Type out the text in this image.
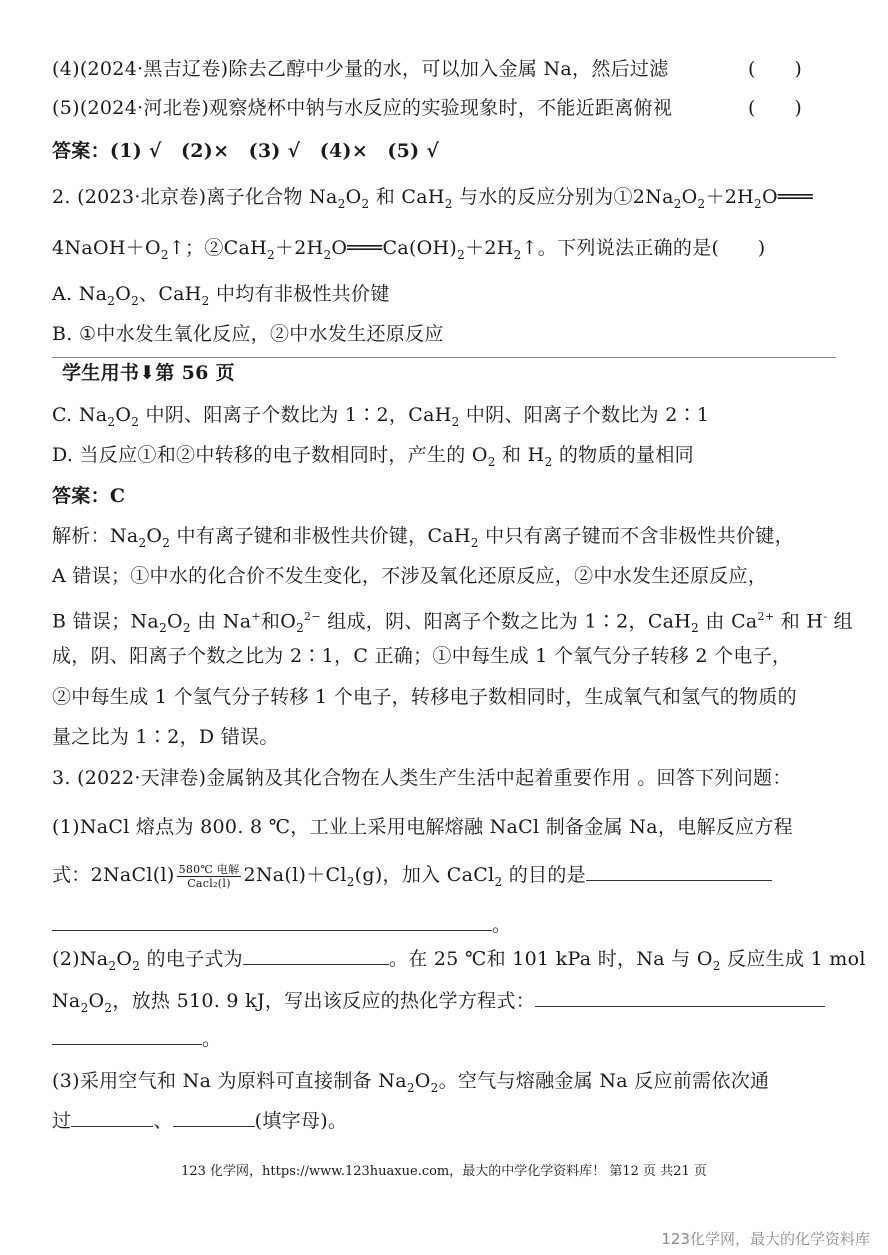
(4)(2024·黑吉辽卷)除去乙醇中少量的水，可以加入金属 Na，然后过滤	(　　)
(5)(2024·河北卷)观察烧杯中钠与水反应的实验现象时，不能近距离俯视	(　　)
答案：(1) √　(2)×　(3) √　(4)×　(5) √
2. (2023·北京卷)离子化合物 $Na_2O_2$ 和 CaH$_2$ 与水的反应分别为$①2Na_2O_2+2H_2O═══$
$4NaOH+O_2↑$；$②CaH_2+2H_2O═══Ca(OH)_2+2H_2↑$。下列说法正确的是(　　)
A. $Na_2O_2$、CaH$_2$ 中均有非极性共价键
B. ①中水发生氧化反应，②中水发生还原反应
学生用书⬇第 56 页
C. $Na_2O_2$ 中阴、阳离子个数比为 1∶2，CaH$_2$ 中阴、阳离子个数比为 2∶1
D. 当反应①和②中转移的电子数相同时，产生的 $O_2$ 和 $H_2$ 的物质的量相同
答案：C
解析：$Na_2O_2$ 中有离子键和非极性共价键，CaH$_2$ 中只有离子键而不含非极性共价键，
A 错误；①中水的化合价不发生变化，不涉及氧化还原反应，②中水发生还原反应，
B 错误；$Na_2O_2$ 由 Na+和$O_2^{2-}$ 组成，阴、阳离子个数之比为 1∶2，CaH$_2$ 由 $Ca^{2+}$ 和 H- 组
成，阴、阳离子个数之比为 2∶1，C 正确；①中每生成 1 个氧气分子转移 2 个电子，
②中每生成 1 个氢气分子转移 1 个电子，转移电子数相同时，生成氧气和氢气的物质的
量之比为 1∶2，D 错误。
3. (2022·天津卷)金属钠及其化合物在人类生产生活中起着重要作用 。回答下列问题：
(1)NaCl 熔点为 800. 8 ℃，工业上采用电解熔融 NaCl 制备金属 Na，电解反应方程
式：2NaCl(l) $\frac{\text{580℃ 电解}}{\text{Cacl₂(l)}} 2Na(l)+Cl_2(g)$，加入 CaCl$_2$ 的目的是
。
$(2)Na_2O_2$ 的电子式为	。在 25 ℃和 101 kPa 时，Na 与 $O_2$ 反应生成 1 mol
$Na_2O_2$，放热 510. 9 kJ，写出该反应的热化学方程式：
。
(3)采用空气和 Na 为原料可直接制备 $Na_2O_2$。空气与熔融金属 Na 反应前需依次通
过	、	(填字母)。
123 化学网，https://www.123huaxue.com，最大的中学化学资料库！ 第12 页 共21 页
123化学网，最大的化学资料库
